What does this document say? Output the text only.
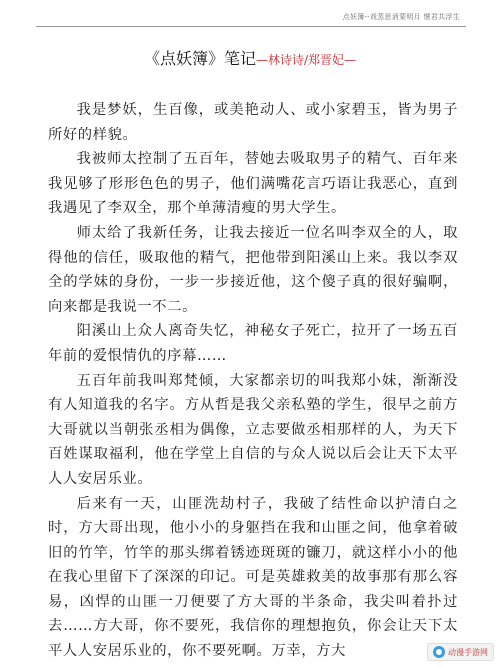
点妖簿--戏蒸思消蒙明月 惬君共浮生
《点妖簿》笔记—林诗诗/郑晋妃—

我是梦妖，生百像，或美艳动人、或小家碧玉，皆为男子所好的样貌。

我被师太控制了五百年，替她去吸取男子的精气、百年来我见够了形形色色的男子，他们满嘴花言巧语让我恶心，直到我遇见了李双全，那个单薄清瘦的男大学生。

师太给了我新任务，让我去接近一位名叫李双全的人，取得他的信任，吸取他的精气，把他带到阳溪山上来。我以李双全的学妹的身份，一步一步接近他，这个傻子真的很好骗啊，向来都是我说一不二。

阳溪山上众人离奇失忆，神秘女子死亡，拉开了一场五百年前的爱恨情仇的序幕……

五百年前我叫郑梵倾，大家都亲切的叫我郑小妹，渐渐没有人知道我的名字。方从哲是我父亲私塾的学生，很早之前方大哥就以当朝张丞相为偶像，立志要做丞相那样的人，为天下百姓谋取福利，他在学堂上自信的与众人说以后会让天下太平人人安居乐业。

后来有一天，山匪洗劫村子，我破了结性命以护清白之时，方大哥出现，他小小的身躯挡在我和山匪之间，他拿着破旧的竹竿，竹竿的那头绑着锈迹斑斑的镰刀，就这样小小的他在我心里留下了深深的印记。可是英雄救美的故事那有那么容易，凶悍的山匪一刀便要了方大哥的半条命，我尖叫着扑过去……方大哥，你不要死，我信你的理想抱负，你会让天下太平人人安居乐业的，你不要死啊。万幸，方大	动漫手游网
